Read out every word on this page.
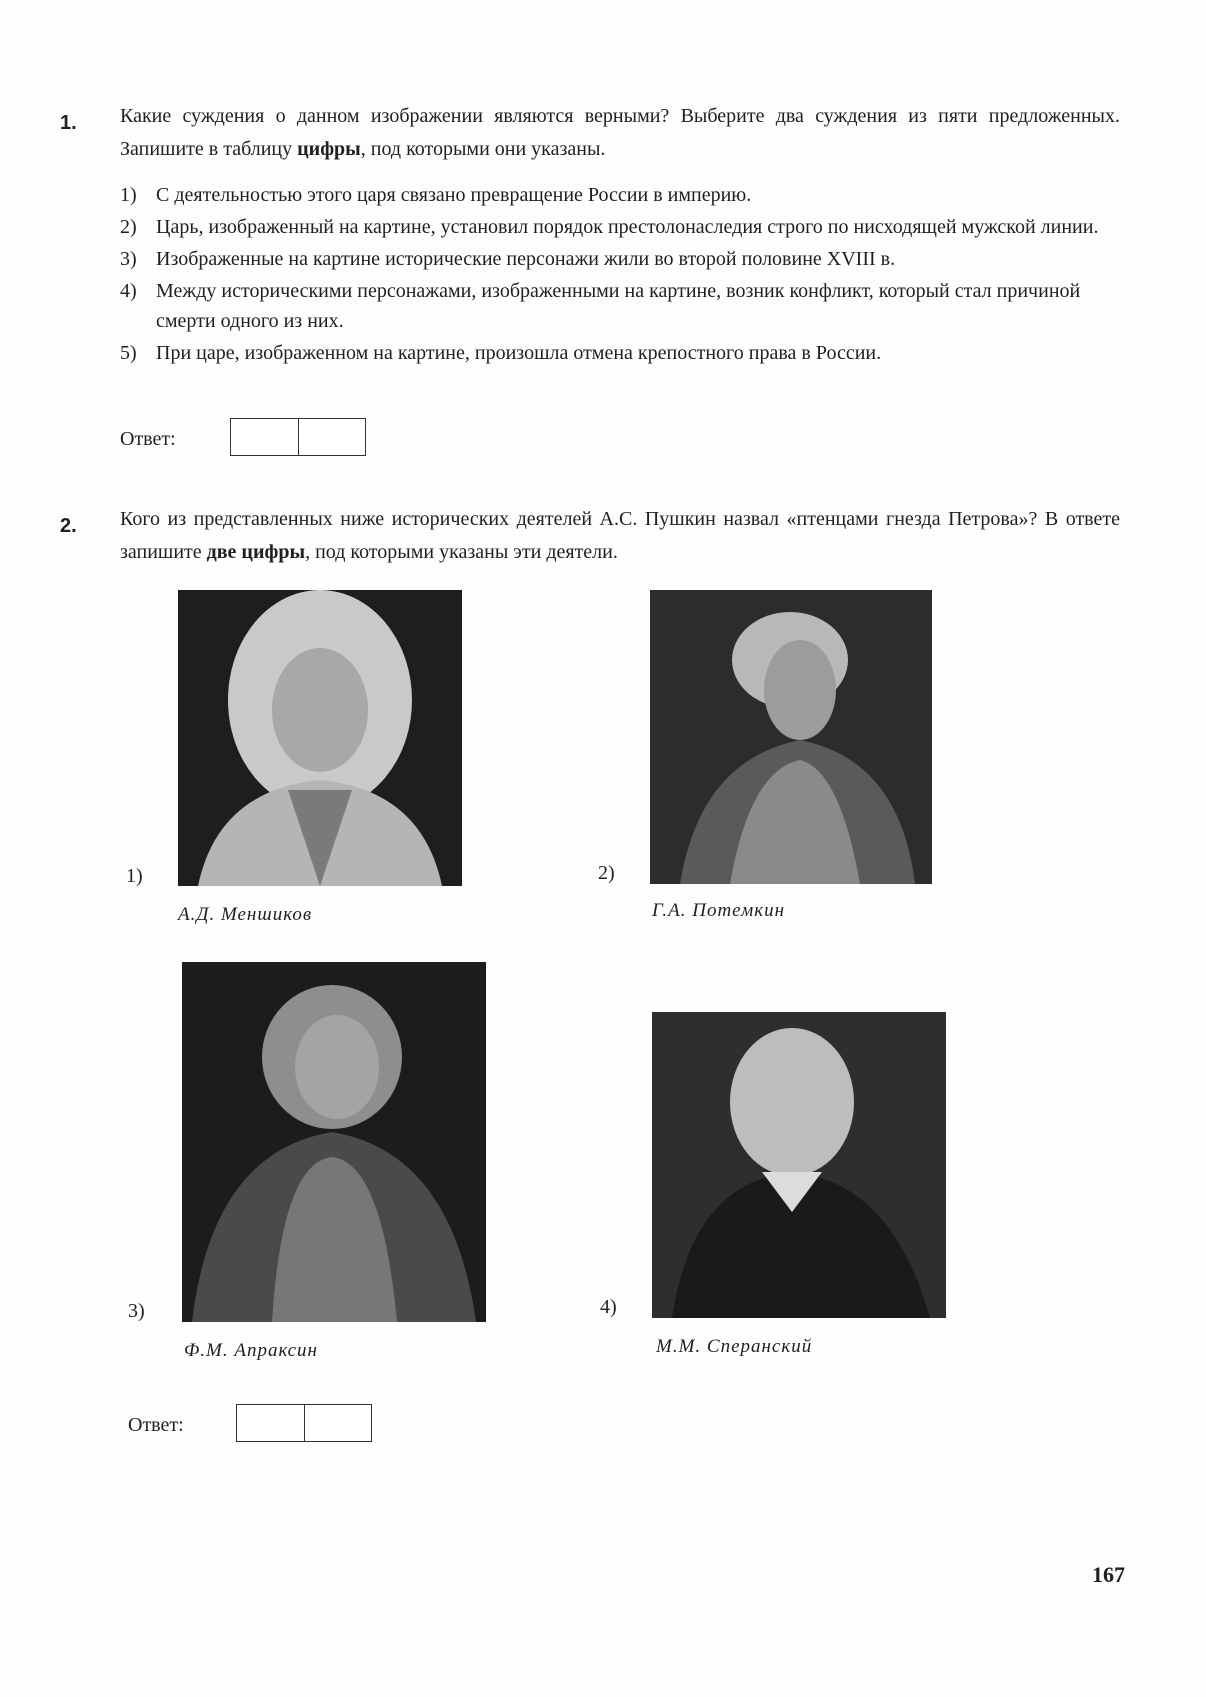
1. Какие суждения о данном изображении являются верными? Выберите два суждения из пяти предложенных. Запишите в таблицу цифры, под которыми они указаны.
1) С деятельностью этого царя связано превращение России в империю.
2) Царь, изображенный на картине, установил порядок престолонаследия строго по нисходящей мужской линии.
3) Изображенные на картине исторические персонажи жили во второй половине XVIII в.
4) Между историческими персонажами, изображенными на картине, возник конфликт, который стал причиной смерти одного из них.
5) При царе, изображенном на картине, произошла отмена крепостного права в России.
Ответ:
2. Кого из представленных ниже исторических деятелей А.С. Пушкин назвал «птенцами гнезда Петрова»? В ответе запишите две цифры, под которыми указаны эти деятели.
1)
А.Д. Меншиков
2)
Г.А. Потемкин
3)
Ф.М. Апраксин
4)
М.М. Сперанский
Ответ:
167
